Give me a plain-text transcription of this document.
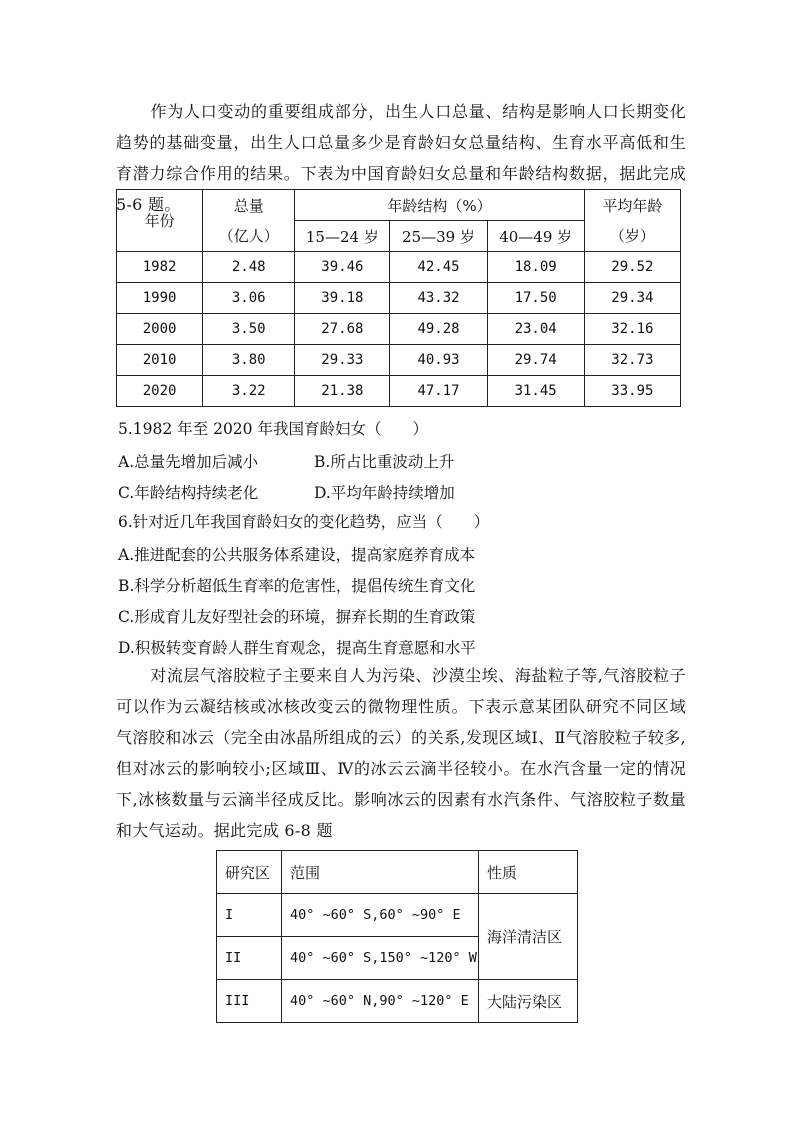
作为人口变动的重要组成部分，出生人口总量、结构是影响人口长期变化趋势的基础变量，出生人口总量多少是育龄妇女总量结构、生育水平高低和生育潜力综合作用的结果。下表为中国育龄妇女总量和年龄结构数据，据此完成 5-6 题。

年份	总量	年龄结构（%）			平均年龄
	（亿人）	15—24 岁	25—39 岁	40—49 岁	（岁）
1982	2.48	39.46	42.45	18.09	29.52
1990	3.06	39.18	43.32	17.50	29.34
2000	3.50	27.68	49.28	23.04	32.16
2010	3.80	29.33	40.93	29.74	32.73
2020	3.22	21.38	47.17	31.45	33.95

5.1982 年至 2020 年我国育龄妇女（　　）

A.总量先增加后减小	B.所占比重波动上升

C.年龄结构持续老化	D.平均年龄持续增加

6.针对近几年我国育龄妇女的变化趋势，应当（　　）

A.推进配套的公共服务体系建设，提高家庭养育成本

B.科学分析超低生育率的危害性，提倡传统生育文化

C.形成育儿友好型社会的环境，摒弃长期的生育政策

D.积极转变育龄人群生育观念，提高生育意愿和水平

对流层气溶胶粒子主要来自人为污染、沙漠尘埃、海盐粒子等,气溶胶粒子可以作为云凝结核或冰核改变云的微物理性质。下表示意某团队研究不同区域气溶胶和冰云（完全由冰晶所组成的云）的关系,发现区域Ⅰ、Ⅱ气溶胶粒子较多,但对冰云的影响较小;区域Ⅲ、Ⅳ的冰云云滴半径较小。在水汽含量一定的情况下,冰核数量与云滴半径成反比。影响冰云的因素有水汽条件、气溶胶粒子数量和大气运动。据此完成 6-8 题

研究区	范围	性质
I	40° ~60° S,60° ~90° E	海洋清洁区
II	40° ~60° S,150° ~120° W	
III	40° ~60° N,90° ~120° E	大陆污染区
